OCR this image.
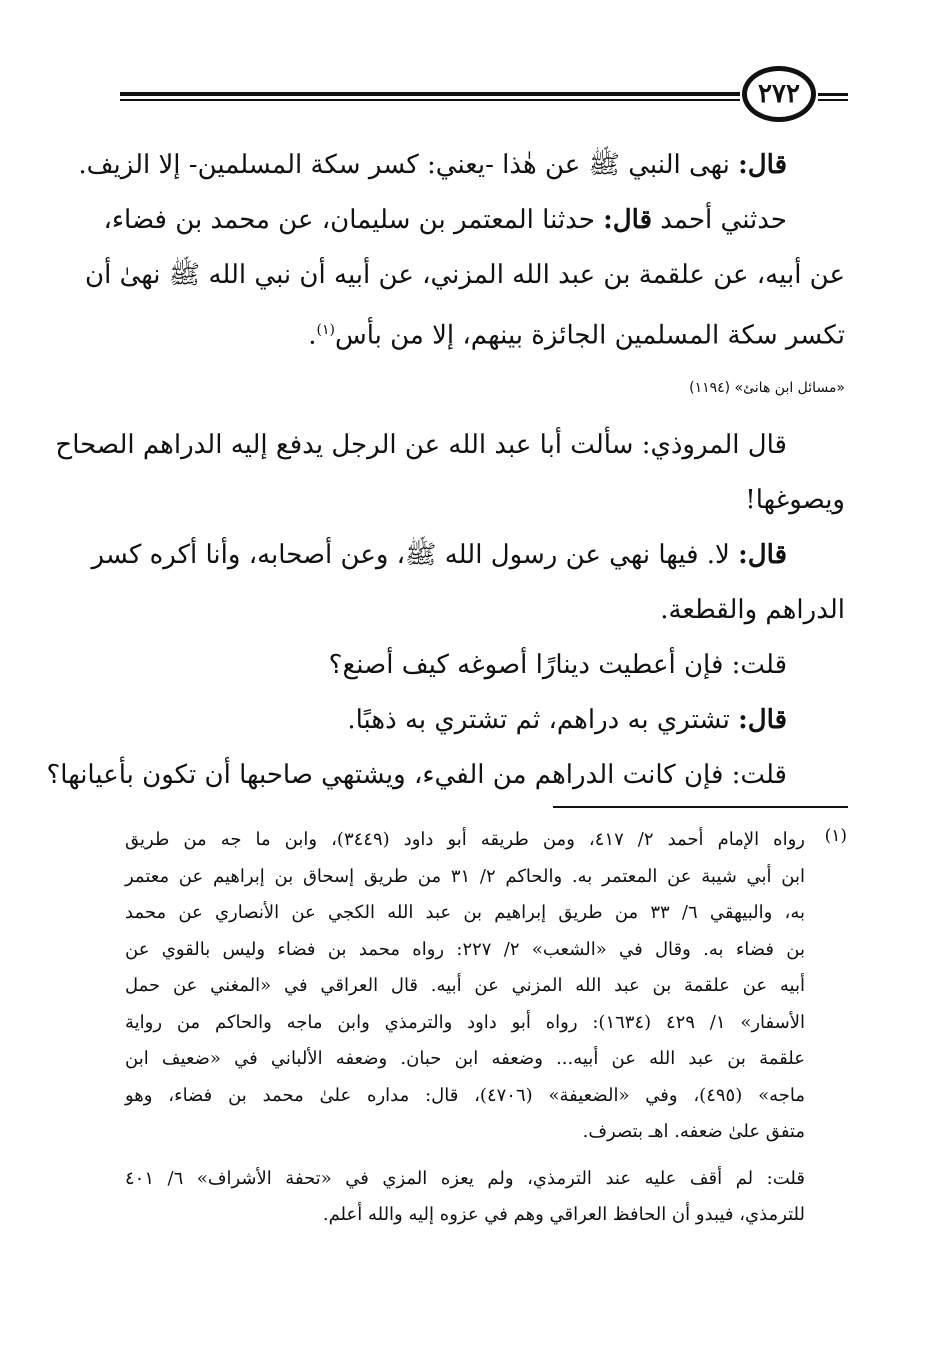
٢٧٢

قال: نهى النبي ﷺ عن هٰذا -يعني: كسر سكة المسلمين- إلا الزيف.

حدثني أحمد قال: حدثنا المعتمر بن سليمان، عن محمد بن فضاء،

عن أبيه، عن علقمة بن عبد الله المزني، عن أبيه أن نبي الله ﷺ نهىٰ أن

تكسر سكة المسلمين الجائزة بينهم، إلا من بأس$^{(١)}$.

«مسائل ابن هانئ» (١١٩٤)

قال المروذي: سألت أبا عبد الله عن الرجل يدفع إليه الدراهم الصحاح

ويصوغها!

قال: لا. فيها نهي عن رسول الله ﷺ، وعن أصحابه، وأنا أكره كسر

الدراهم والقطعة.

قلت: فإن أعطيت دينارًا أصوغه كيف أصنع؟

قال: تشتري به دراهم، ثم تشتري به ذهبًا.

قلت: فإن كانت الدراهم من الفيء، ويشتهي صاحبها أن تكون بأعيانها؟

(١)

رواه الإمام أحمد ٢/ ٤١٧، ومن طريقه أبو داود (٣٤٤٩)، وابن ما جه من طريق

ابن أبي شيبة عن المعتمر به. والحاكم ٢/ ٣١ من طريق إسحاق بن إبراهيم عن معتمر

به، والبيهقي ٦/ ٣٣ من طريق إبراهيم بن عبد الله الكجي عن الأنصاري عن محمد

بن فضاء به. وقال في «الشعب» ٢/ ٢٢٧: رواه محمد بن فضاء وليس بالقوي عن

أبيه عن علقمة بن عبد الله المزني عن أبيه. قال العراقي في «المغني عن حمل

الأسفار» ١/ ٤٢٩ (١٦٣٤): رواه أبو داود والترمذي وابن ماجه والحاكم من رواية

علقمة بن عبد الله عن أبيه... وضعفه ابن حبان. وضعفه الألباني في «ضعيف ابن

ماجه» (٤٩٥)، وفي «الضعيفة» (٤٧٠٦)، قال: مداره علىٰ محمد بن فضاء، وهو

متفق علىٰ ضعفه. اهـ بتصرف.

قلت: لم أقف عليه عند الترمذي، ولم يعزه المزي في «تحفة الأشراف» ٦/ ٤٠١

للترمذي، فيبدو أن الحافظ العراقي وهم في عزوه إليه والله أعلم.
